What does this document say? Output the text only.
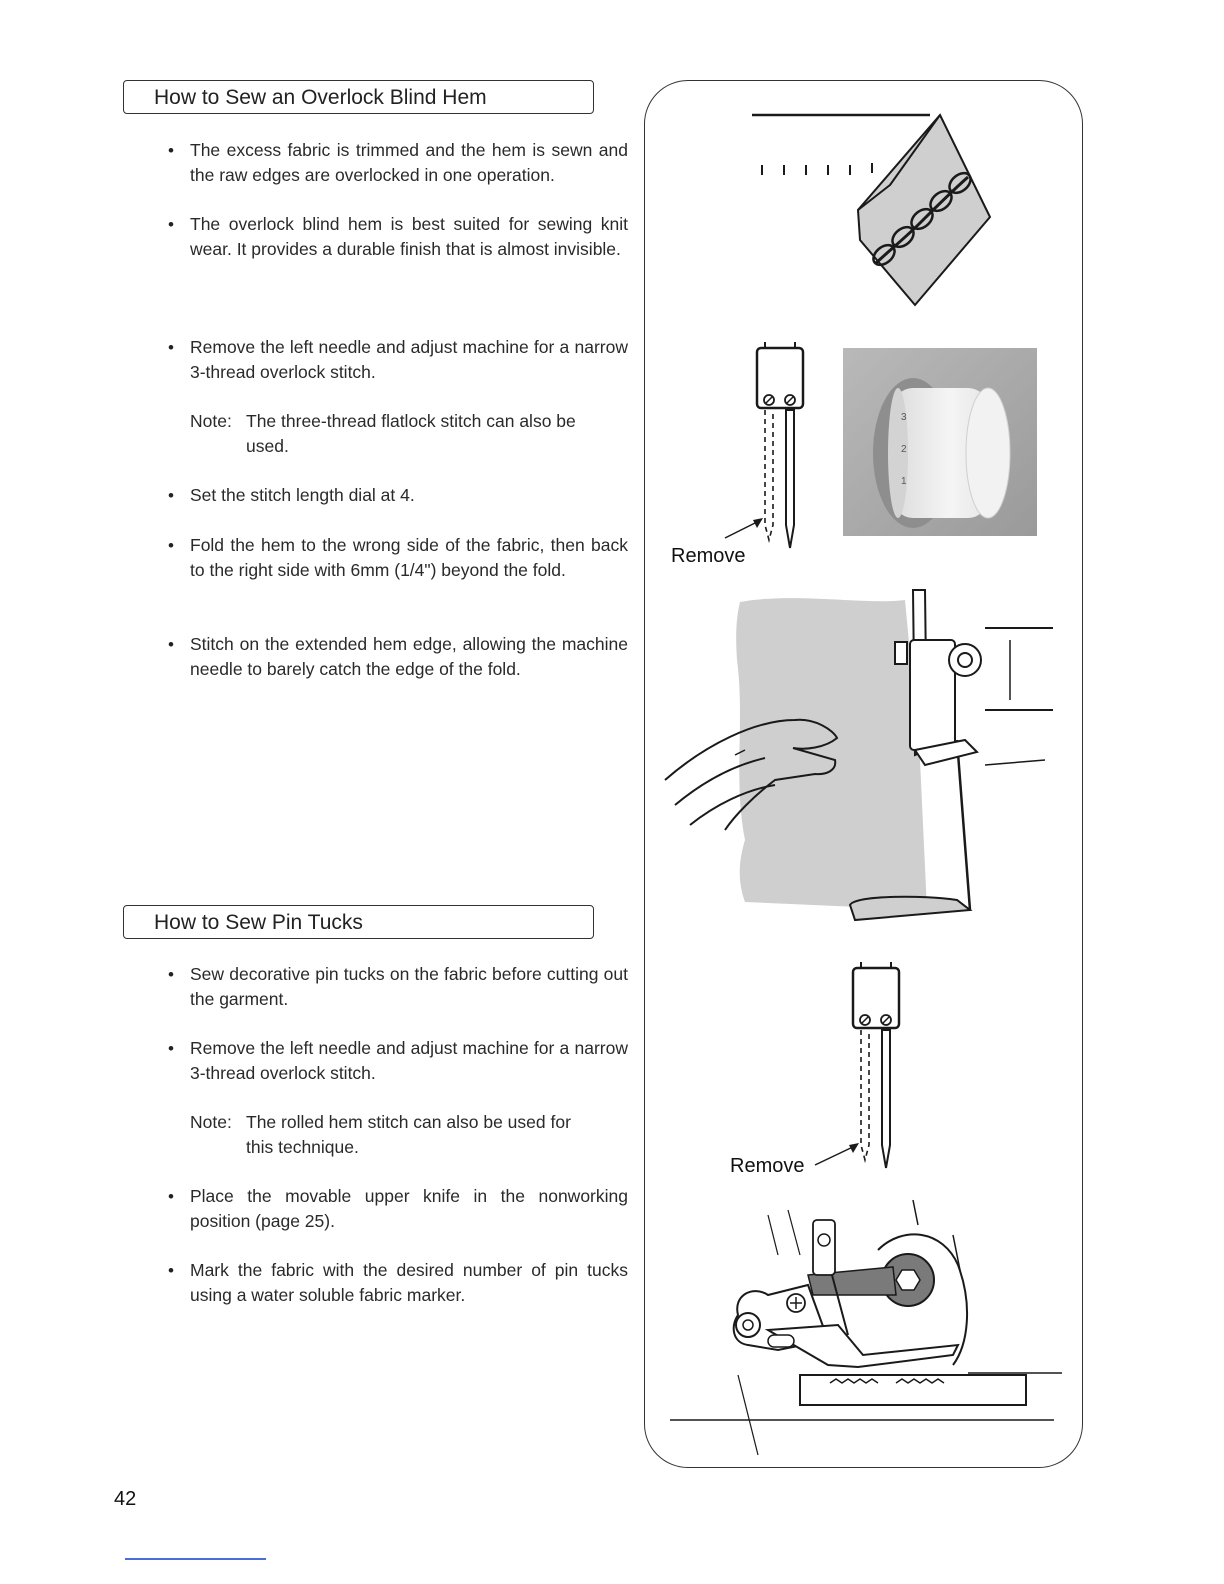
How to Sew an Overlock Blind Hem
• The excess fabric is trimmed and the hem is sewn and the raw edges are overlocked in one operation.

• The overlock blind hem is best suited for sewing knit wear. It provides a durable finish that is almost invisible.

• Remove the left needle and adjust machine for a narrow 3-thread overlock stitch.

Note: The three-thread flatlock stitch can also be
used.
• Set the stitch length dial at 4.

• Fold the hem to the wrong side of the fabric, then back to the right side with 6mm (1/4") beyond the fold.

• Stitch on the extended hem edge, allowing the machine needle to barely catch the edge of the fold.

How to Sew Pin Tucks
• Sew decorative pin tucks on the fabric before cutting out the garment.

• Remove the left needle and adjust machine for a narrow 3-thread overlock stitch.

Note: The rolled hem stitch can also be used for
this technique.
• Place the movable upper knife in the nonworking position (page 25).

• Mark the fabric with the desired number of pin tucks using a water soluble fabric marker.

Remove
3
2
1
Remove
42
